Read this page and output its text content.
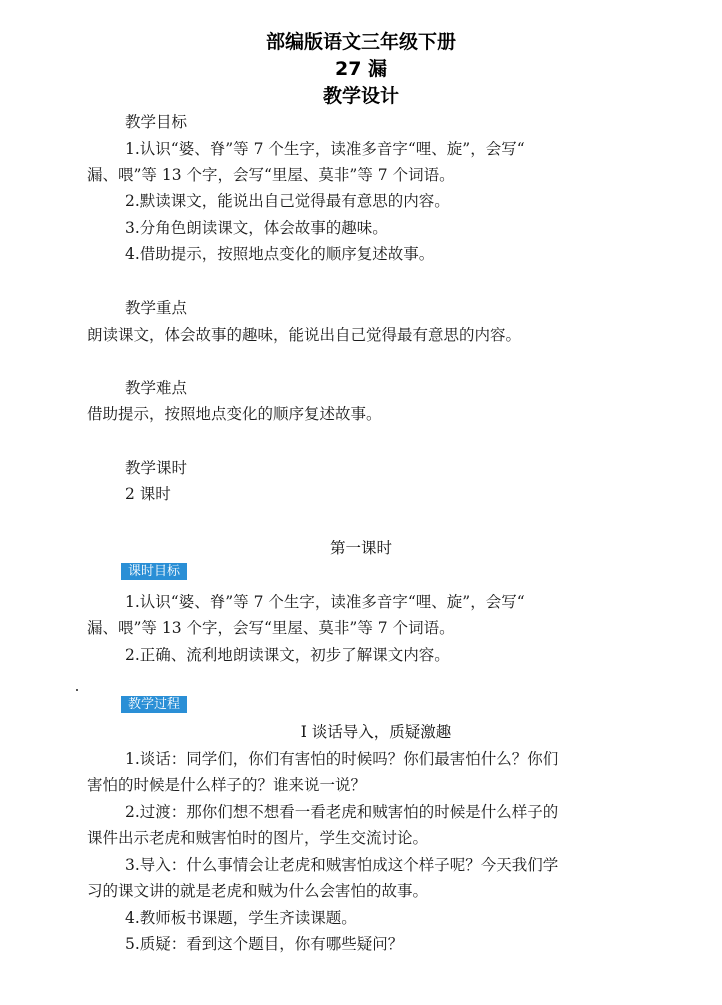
部编版语文三年级下册
27 漏
教学设计
教学目标
1.认识“婆、脊”等 7 个生字，读准多音字“哩、旋”，会写“
漏、喂”等 13 个字，会写“里屋、莫非”等 7 个词语。
2.默读课文，能说出自己觉得最有意思的内容。
3.分角色朗读课文，体会故事的趣味。
4.借助提示，按照地点变化的顺序复述故事。
教学重点
朗读课文，体会故事的趣味，能说出自己觉得最有意思的内容。
教学难点
借助提示，按照地点变化的顺序复述故事。
教学课时
2 课时
第一课时
课时目标
1.认识“婆、脊”等 7 个生字，读准多音字“哩、旋”，会写“
漏、喂”等 13 个字，会写“里屋、莫非”等 7 个词语。
2.正确、流利地朗读课文，初步了解课文内容。
教学过程
Ⅰ 谈话导入，质疑激趣
1.谈话：同学们，你们有害怕的时候吗？你们最害怕什么？你们
害怕的时候是什么样子的？谁来说一说？
2.过渡：那你们想不想看一看老虎和贼害怕的时候是什么样子的
课件出示老虎和贼害怕时的图片，学生交流讨论。
3.导入：什么事情会让老虎和贼害怕成这个样子呢？今天我们学
习的课文讲的就是老虎和贼为什么会害怕的故事。
4.教师板书课题，学生齐读课题。
5.质疑：看到这个题目，你有哪些疑问？
